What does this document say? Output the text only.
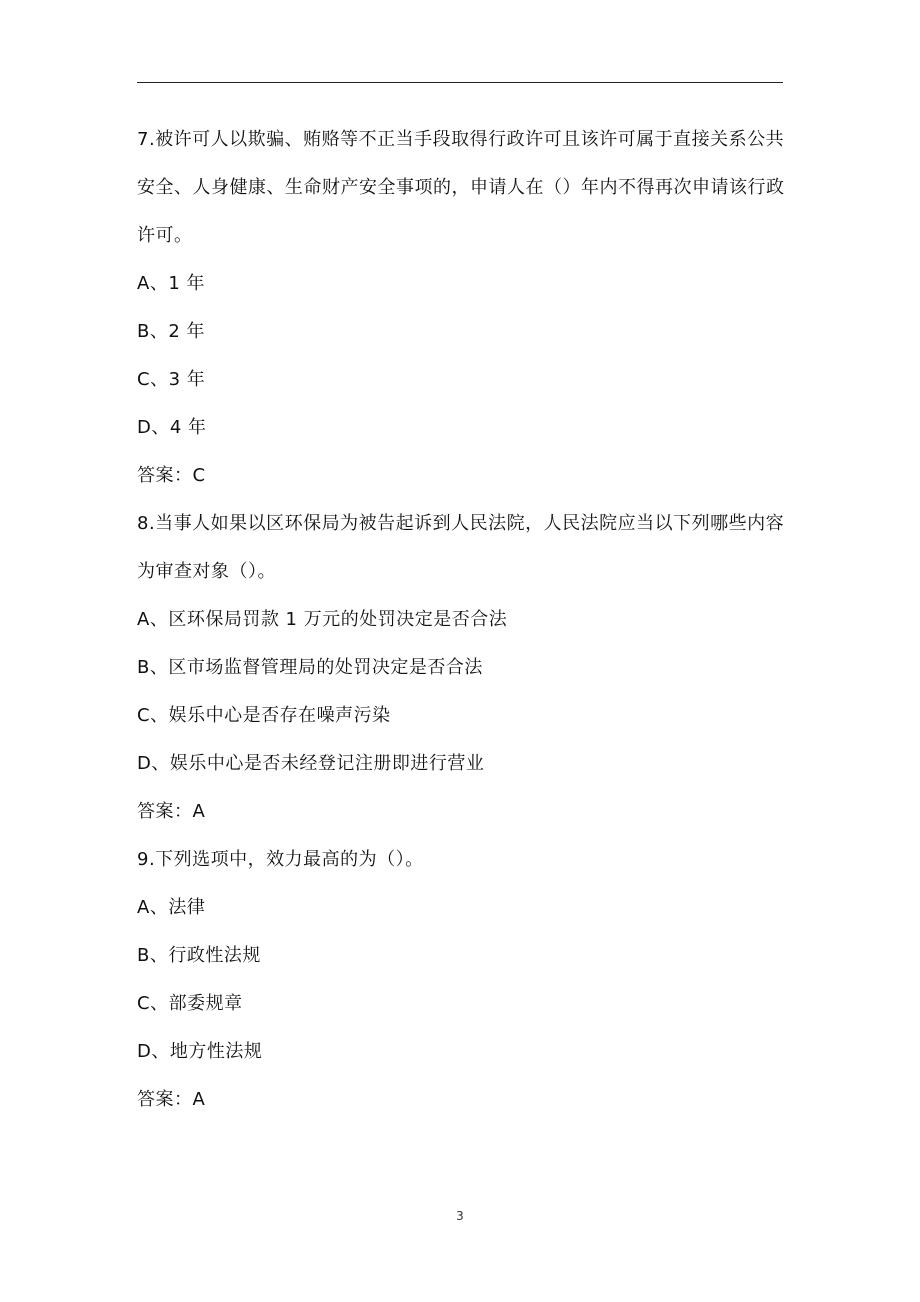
7.被许可人以欺骗、贿赂等不正当手段取得行政许可且该许可属于直接关系公共
安全、人身健康、生命财产安全事项的，申请人在（）年内不得再次申请该行政
许可。
A、1 年
B、2 年
C、3 年
D、4 年
答案：C
8.当事人如果以区环保局为被告起诉到人民法院，人民法院应当以下列哪些内容
为审查对象（）。
A、区环保局罚款 1 万元的处罚决定是否合法
B、区市场监督管理局的处罚决定是否合法
C、娱乐中心是否存在噪声污染
D、娱乐中心是否未经登记注册即进行营业
答案：A
9.下列选项中，效力最高的为（）。
A、法律
B、行政性法规
C、部委规章
D、地方性法规
答案：A
3
